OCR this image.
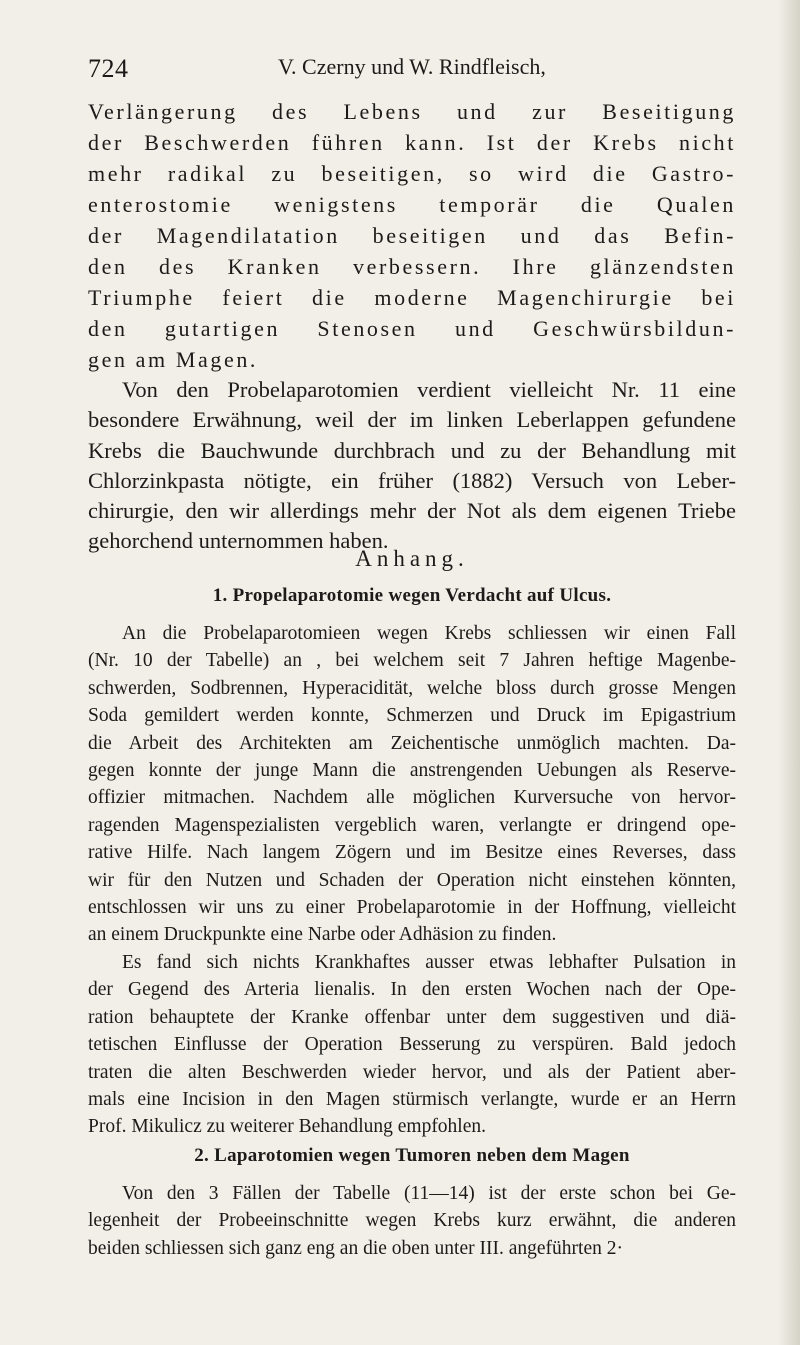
724	V. Czerny und W. Rindfleisch,
Verlängerung des Lebens und zur Beseitigung
der Beschwerden führen kann. Ist der Krebs nicht
mehr radikal zu beseitigen, so wird die Gastro-
enterostomie wenigstens temporär die Qualen
der Magendilatation beseitigen und das Befin-
den des Kranken verbessern. Ihre glänzendsten
Triumphe feiert die moderne Magenchirurgie bei
den gutartigen Stenosen und Geschwürsbildun-
gen am Magen.
Von den Probelaparotomien verdient vielleicht Nr. 11 eine
besondere Erwähnung, weil der im linken Leberlappen gefundene
Krebs die Bauchwunde durchbrach und zu der Behandlung mit
Chlorzinkpasta nötigte, ein früher (1882) Versuch von Leber-
chirurgie, den wir allerdings mehr der Not als dem eigenen Triebe
gehorchend unternommen haben.
Anhang.
1. Propelaparotomie wegen Verdacht auf Ulcus.
An die Probelaparotomieen wegen Krebs schliessen wir einen Fall
(Nr. 10 der Tabelle) an , bei welchem seit 7 Jahren heftige Magenbe-
schwerden, Sodbrennen, Hyperacidität, welche bloss durch grosse Mengen
Soda gemildert werden konnte, Schmerzen und Druck im Epigastrium
die Arbeit des Architekten am Zeichentische unmöglich machten. Da-
gegen konnte der junge Mann die anstrengenden Uebungen als Reserve-
offizier mitmachen. Nachdem alle möglichen Kurversuche von hervor-
ragenden Magenspezialisten vergeblich waren, verlangte er dringend ope-
rative Hilfe. Nach langem Zögern und im Besitze eines Reverses, dass
wir für den Nutzen und Schaden der Operation nicht einstehen könnten,
entschlossen wir uns zu einer Probelaparotomie in der Hoffnung, vielleicht
an einem Druckpunkte eine Narbe oder Adhäsion zu finden.
Es fand sich nichts Krankhaftes ausser etwas lebhafter Pulsation in
der Gegend des Arteria lienalis. In den ersten Wochen nach der Ope-
ration behauptete der Kranke offenbar unter dem suggestiven und diä-
tetischen Einflusse der Operation Besserung zu verspüren. Bald jedoch
traten die alten Beschwerden wieder hervor, und als der Patient aber-
mals eine Incision in den Magen stürmisch verlangte, wurde er an Herrn
Prof. Mikulicz zu weiterer Behandlung empfohlen.
2. Laparotomien wegen Tumoren neben dem Magen
Von den 3 Fällen der Tabelle (11—14) ist der erste schon bei Ge-
legenheit der Probeeinschnitte wegen Krebs kurz erwähnt, die anderen
beiden schliessen sich ganz eng an die oben unter III. angeführten 2·
